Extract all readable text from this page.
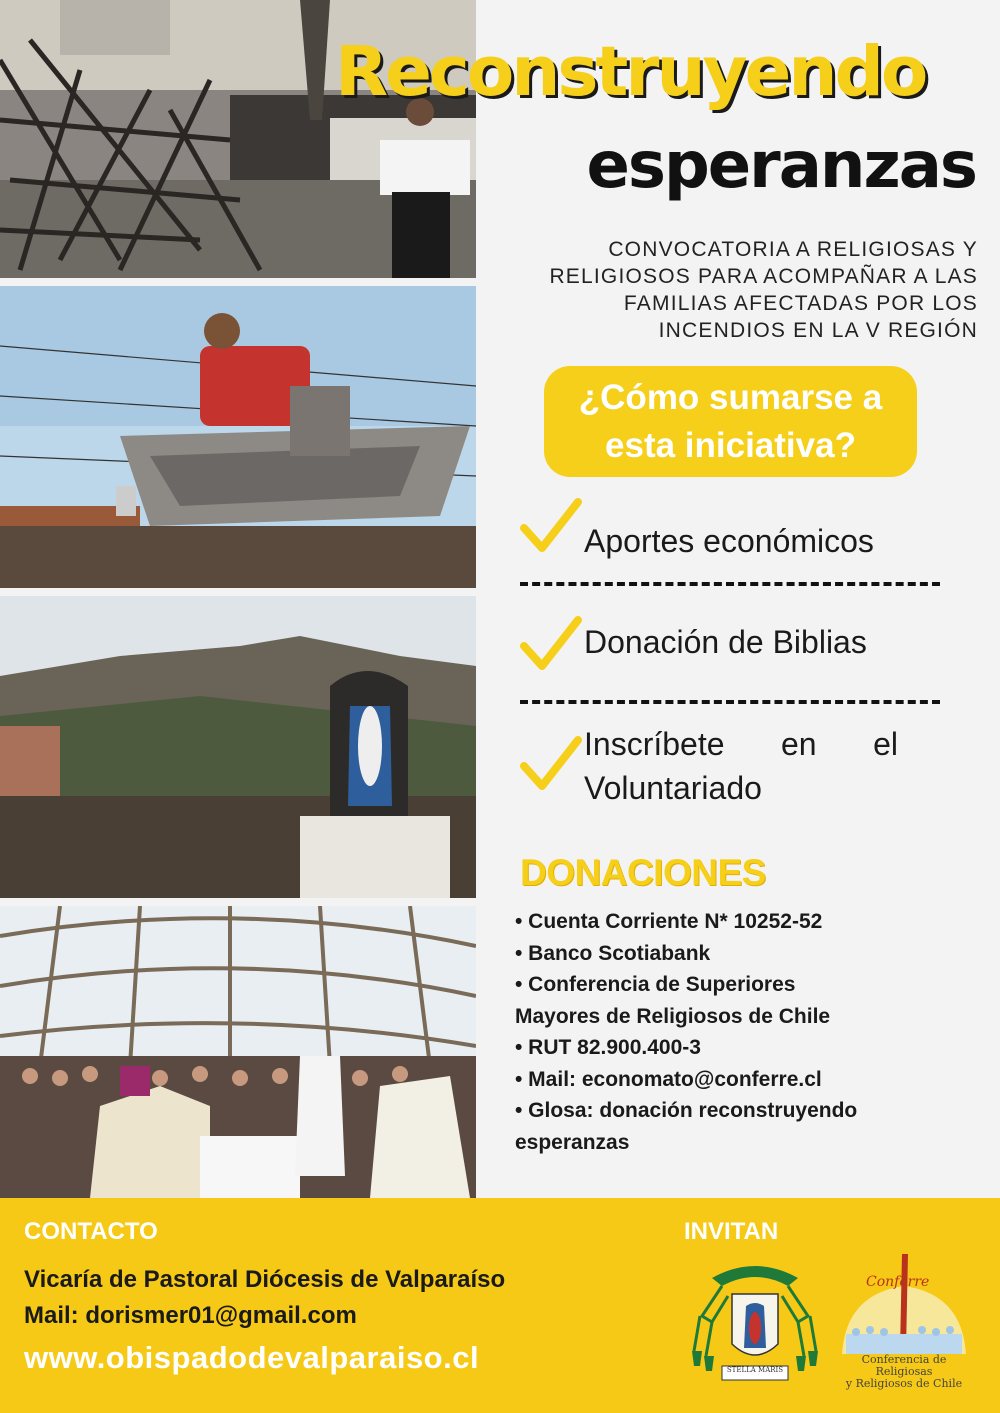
Reconstruyendo
esperanzas
CONVOCATORIA A RELIGIOSAS Y
RELIGIOSOS PARA ACOMPAÑAR A LAS
FAMILIAS AFECTADAS POR LOS
INCENDIOS EN LA V REGIÓN
¿Cómo sumarse a
esta iniciativa?
Aportes económicos
Donación de Biblias
Inscríbete en el
Voluntariado
DONACIONES
• Cuenta Corriente N* 10252-52
• Banco Scotiabank
• Conferencia de Superiores
Mayores de Religiosos de Chile
• RUT 82.900.400-3
• Mail: economato@conferre.cl
• Glosa: donación reconstruyendo
esperanzas
CONTACTO
Vicaría de Pastoral Diócesis de Valparaíso
Mail: dorismer01@gmail.com
www.obispadodevalparaiso.cl
INVITAN
STELLA MARIS
Conferre
Conferencia de Religiosas
y Religiosos de Chile
